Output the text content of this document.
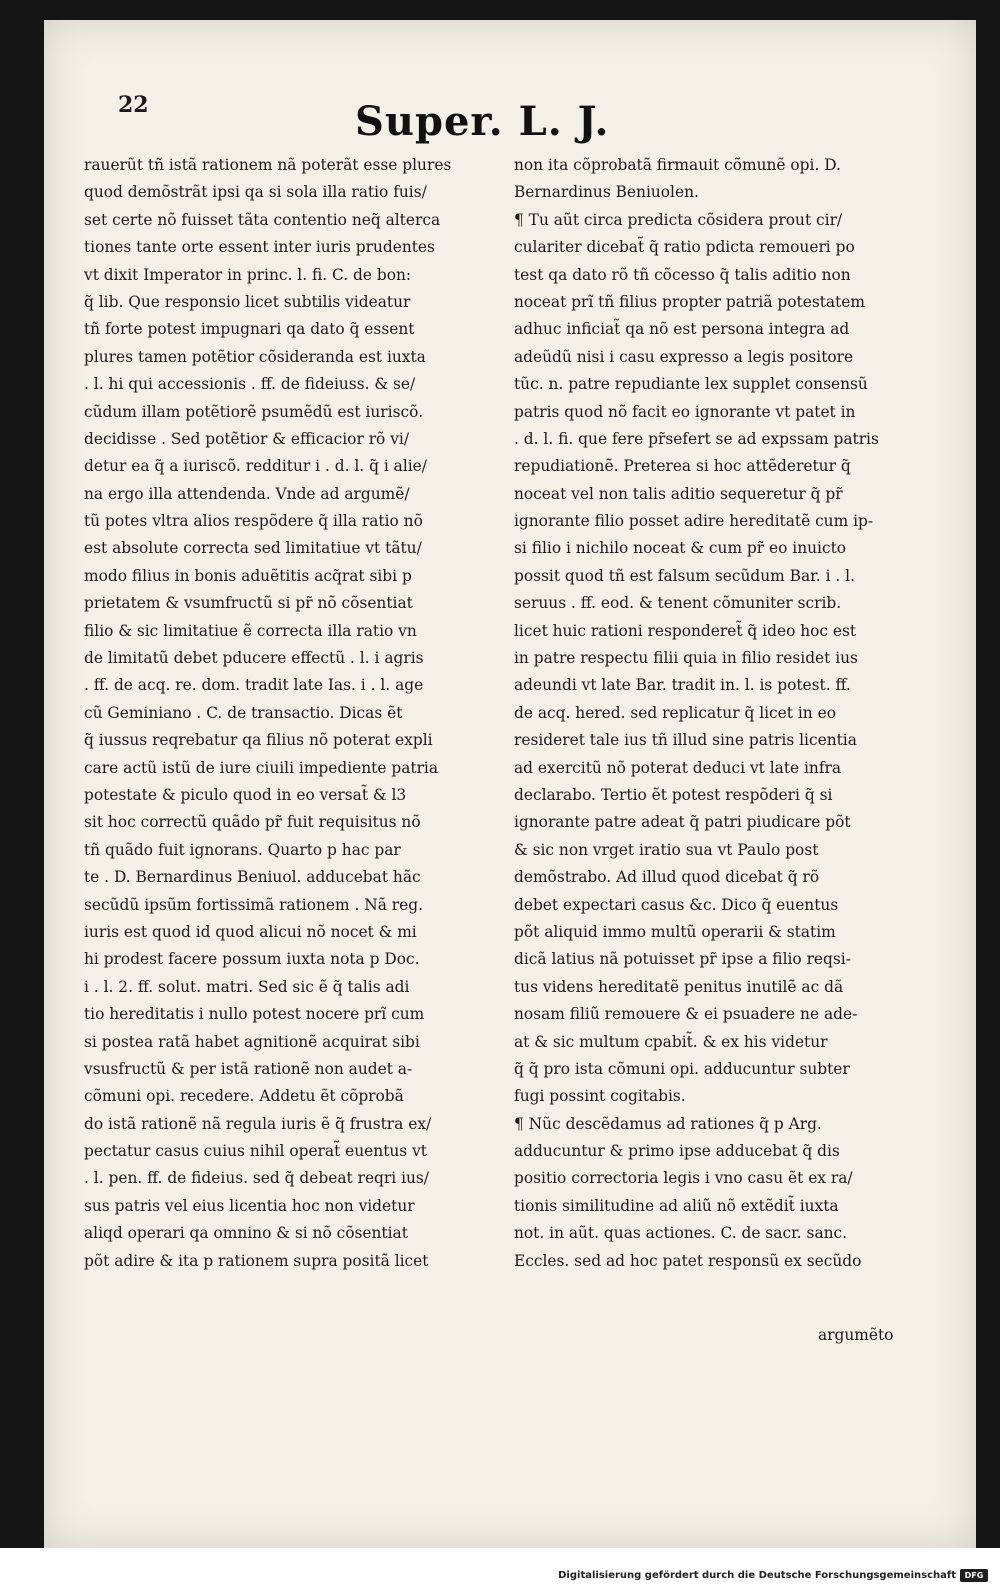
22	Super. L. J.
rauerũt tñ istã rationem nã poterãt esse plures
quod demõstrãt ipsi qa si sola illa ratio fuis/
set certe nõ fuisset tãta contentio neq̃ alterca
tiones tante orte essent inter iuris prudentes
vt dixit Imperator in princ. l. fi. C. de bon:
q̃ lib. Que responsio licet subtilis videatur
tñ forte potest impugnari qa dato q̃ essent
plures tamen potẽtior cõsideranda est iuxta
. l. hi qui accessionis . ff. de fideiuss. & se/
cũdum illam potẽtiorẽ psumẽdũ est iuriscõ.
decidisse . Sed potẽtior & efficacior rõ vi/
detur ea q̃ a iuriscõ. redditur i . d. l. q̃ i alie/
na ergo illa attendenda. Vnde ad argumẽ/
tũ potes vltra alios respõdere q̃ illa ratio nõ
est absolute correcta sed limitatiue vt tãtu/
modo filius in bonis aduẽtitis acq̃rat sibi p
prietatem & vsumfructũ si pr̃ nõ cõsentiat
filio & sic limitatiue ẽ correcta illa ratio vn
de limitatũ debet pducere effectũ . l. i agris
. ff. de acq. re. dom. tradit late Ias. i . l. age
cũ Geminiano . C. de transactio. Dicas ẽt
q̃ iussus reqrebatur qa filius nõ poterat expli
care actũ istũ de iure ciuili impediente patria
potestate & piculo quod in eo versat̃ & l3
sit hoc correctũ quãdo pr̃ fuit requisitus nõ
tñ quãdo fuit ignorans. Quarto p hac par
te . D. Bernardinus Beniuol. adducebat hãc
secũdũ ipsũm fortissimã rationem . Nã reg.
iuris est quod id quod alicui nõ nocet & mi
hi prodest facere possum iuxta nota p Doc.
i . l. 2. ff. solut. matri. Sed sic ẽ q̃ talis adi
tio hereditatis i nullo potest nocere prĩ cum
si postea ratã habet agnitionẽ acquirat sibi
vsusfructũ & per istã rationẽ non audet a-
cõmuni opi. recedere. Addetu ẽt cõprobã
do istã rationẽ nã regula iuris ẽ q̃ frustra ex/
pectatur casus cuius nihil operat̃ euentus vt
. l. pen. ff. de fideius. sed q̃ debeat reqri ius/
sus patris vel eius licentia hoc non videtur
aliqd operari qa omnino & si nõ cõsentiat
põt adire & ita p rationem supra positã licet
non ita cõprobatã firmauit cõmunẽ opi. D.
Bernardinus Beniuolen.
¶ Tu aũt circa predicta cõsidera prout cir/
culariter dicebat̃ q̃ ratio pdicta remoueri po
test qa dato rõ tñ cõcesso q̃ talis aditio non
noceat prĩ tñ filius propter patriã potestatem
adhuc inficiat̃ qa nõ est persona integra ad
adeũdũ nisi i casu expresso a legis positore
tũc. n. patre repudiante lex supplet consensũ
patris quod nõ facit eo ignorante vt patet in
. d. l. fi. que fere pr̃sefert se ad expssam patris
repudiationẽ. Preterea si hoc attẽderetur q̃
noceat vel non talis aditio sequeretur q̃ pr̃
ignorante filio posset adire hereditatẽ cum ip-
si filio i nichilo noceat & cum pr̃ eo inuicto
possit quod tñ est falsum secũdum Bar. i . l.
seruus . ff. eod. & tenent cõmuniter scrib.
licet huic rationi responderet̃ q̃ ideo hoc est
in patre respectu filii quia in filio residet ius
adeundi vt late Bar. tradit in. l. is potest. ff.
de acq. hered. sed replicatur q̃ licet in eo
resideret tale ius tñ illud sine patris licentia
ad exercitũ nõ poterat deduci vt late infra
declarabo. Tertio ẽt potest respõderi q̃ si
ignorante patre adeat q̃ patri piudicare põt
& sic non vrget iratio sua vt Paulo post
demõstrabo. Ad illud quod dicebat q̃ rõ
debet expectari casus &c. Dico q̃ euentus
põt aliquid immo multũ operarii & statim
dicã latius nã potuisset pr̃ ipse a filio reqsi-
tus videns hereditatẽ penitus inutilẽ ac dã
nosam filiũ remouere & ei psuadere ne ade-
at & sic multum cpabit̃. & ex his videtur
q̃ q̃ pro ista cõmuni opi. adducuntur subter
fugi possint cogitabis.
¶ Nũc descẽdamus ad rationes q̃ p Arg.
adducuntur & primo ipse adducebat q̃ dis
positio correctoria legis i vno casu ẽt ex ra/
tionis similitudine ad aliũ nõ extẽdit̃ iuxta
not. in aũt. quas actiones. C. de sacr. sanc.
Eccles. sed ad hoc patet responsũ ex secũdo
argumẽto
Digitalisierung gefördert durch die Deutsche Forschungsgemeinschaft	DFG
